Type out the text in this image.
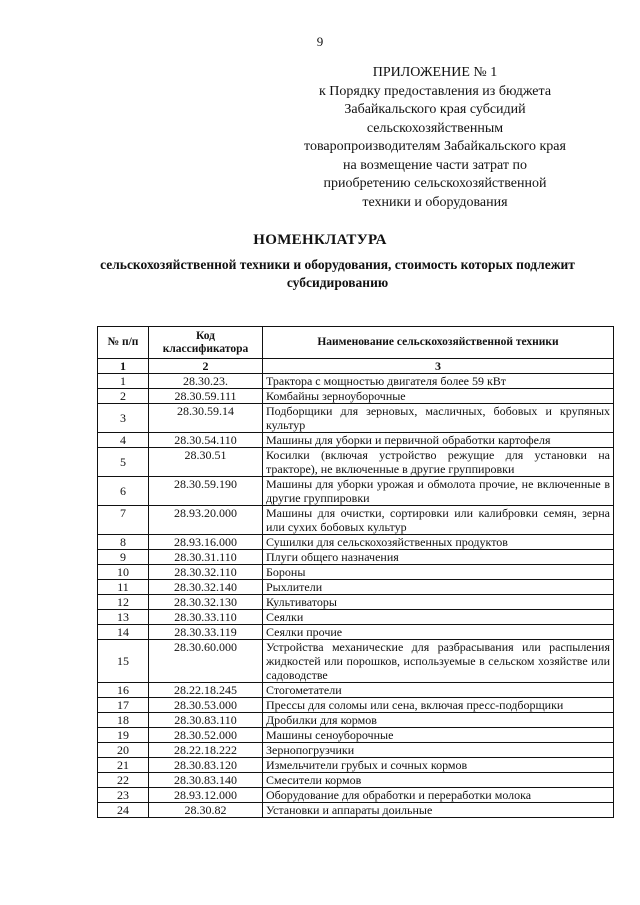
9
ПРИЛОЖЕНИЕ № 1
к Порядку предоставления из бюджета
Забайкальского края субсидий
сельскохозяйственным
товаропроизводителям Забайкальского края
на возмещение части затрат по
приобретению сельскохозяйственной
техники и оборудования
НОМЕНКЛАТУРА
сельскохозяйственной техники и оборудования, стоимость которых подлежит субсидированию
№ п/п	Код классификатора	Наименование сельскохозяйственной техники
1	2	3
1	28.30.23.	Трактора с мощностью двигателя более 59 кВт
2	28.30.59.111	Комбайны зерноуборочные
3	28.30.59.14	Подборщики для зерновых, масличных, бобовых и крупяных культур
4	28.30.54.110	Машины для уборки и первичной обработки картофеля
5	28.30.51	Косилки (включая устройство режущие для установки на тракторе), не включенные в другие группировки
6	28.30.59.190	Машины для уборки урожая и обмолота прочие, не включенные в другие группировки
7	28.93.20.000	Машины для очистки, сортировки или калибровки семян, зерна или сухих бобовых культур
8	28.93.16.000	Сушилки для сельскохозяйственных продуктов
9	28.30.31.110	Плуги общего назначения
10	28.30.32.110	Бороны
11	28.30.32.140	Рыхлители
12	28.30.32.130	Культиваторы
13	28.30.33.110	Сеялки
14	28.30.33.119	Сеялки прочие
15	28.30.60.000	Устройства механические для разбрасывания или распыления жидкостей или порошков, используемые в сельском хозяйстве или садоводстве
16	28.22.18.245	Стогометатели
17	28.30.53.000	Прессы для соломы или сена, включая пресс-подборщики
18	28.30.83.110	Дробилки для кормов
19	28.30.52.000	Машины сеноуборочные
20	28.22.18.222	Зернопогрузчики
21	28.30.83.120	Измельчители грубых и сочных кормов
22	28.30.83.140	Смесители кормов
23	28.93.12.000	Оборудование для обработки и переработки молока
24	28.30.82	Установки и аппараты доильные
